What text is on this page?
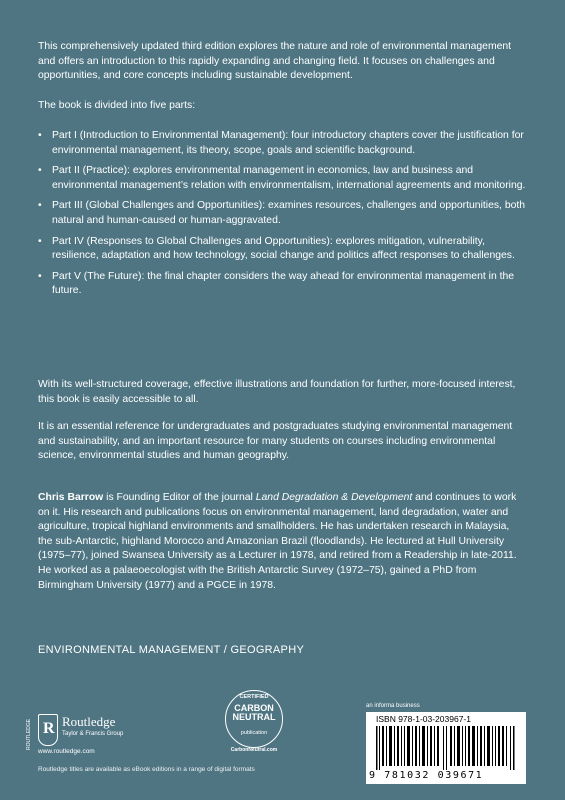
This comprehensively updated third edition explores the nature and role of environmental management and offers an introduction to this rapidly expanding and changing field. It focuses on challenges and opportunities, and core concepts including sustainable development.
The book is divided into five parts:
• Part I (Introduction to Environmental Management): four introductory chapters cover the justification for environmental management, its theory, scope, goals and scientific background.
• Part II (Practice): explores environmental management in economics, law and business and environmental management’s relation with environmentalism, international agreements and monitoring.
• Part III (Global Challenges and Opportunities): examines resources, challenges and opportunities, both natural and human-caused or human-aggravated.
• Part IV (Responses to Global Challenges and Opportunities): explores mitigation, vulnerability, resilience, adaptation and how technology, social change and politics affect responses to challenges.
• Part V (The Future): the final chapter considers the way ahead for environmental management in the future.
With its well-structured coverage, effective illustrations and foundation for further, more-focused interest, this book is easily accessible to all.
It is an essential reference for undergraduates and postgraduates studying environmental management and sustainability, and an important resource for many students on courses including environmental science, environmental studies and human geography.
Chris Barrow is Founding Editor of the journal Land Degradation & Development and continues to work on it. His research and publications focus on environmental management, land degradation, water and agriculture, tropical highland environments and smallholders. He has undertaken research in Malaysia, the sub-Antarctic, highland Morocco and Amazonian Brazil (floodlands). He lectured at Hull University (1975–77), joined Swansea University as a Lecturer in 1978, and retired from a Readership in late-2011. He worked as a palaeoecologist with the British Antarctic Survey (1972–75), gained a PhD from Birmingham University (1977) and a PGCE in 1978.
ENVIRONMENTAL MANAGEMENT / GEOGRAPHY
R
ROUTLEDGE Routledge
Taylor & Francis Group
www.routledge.com
Routledge titles are available as eBook editions in a range of digital formats
CERTIFIED
CARBON
NEUTRAL
publication
CarbonNeutral.com
an informa business
ISBN 978-1-03-203967-1
9 781032 039671
